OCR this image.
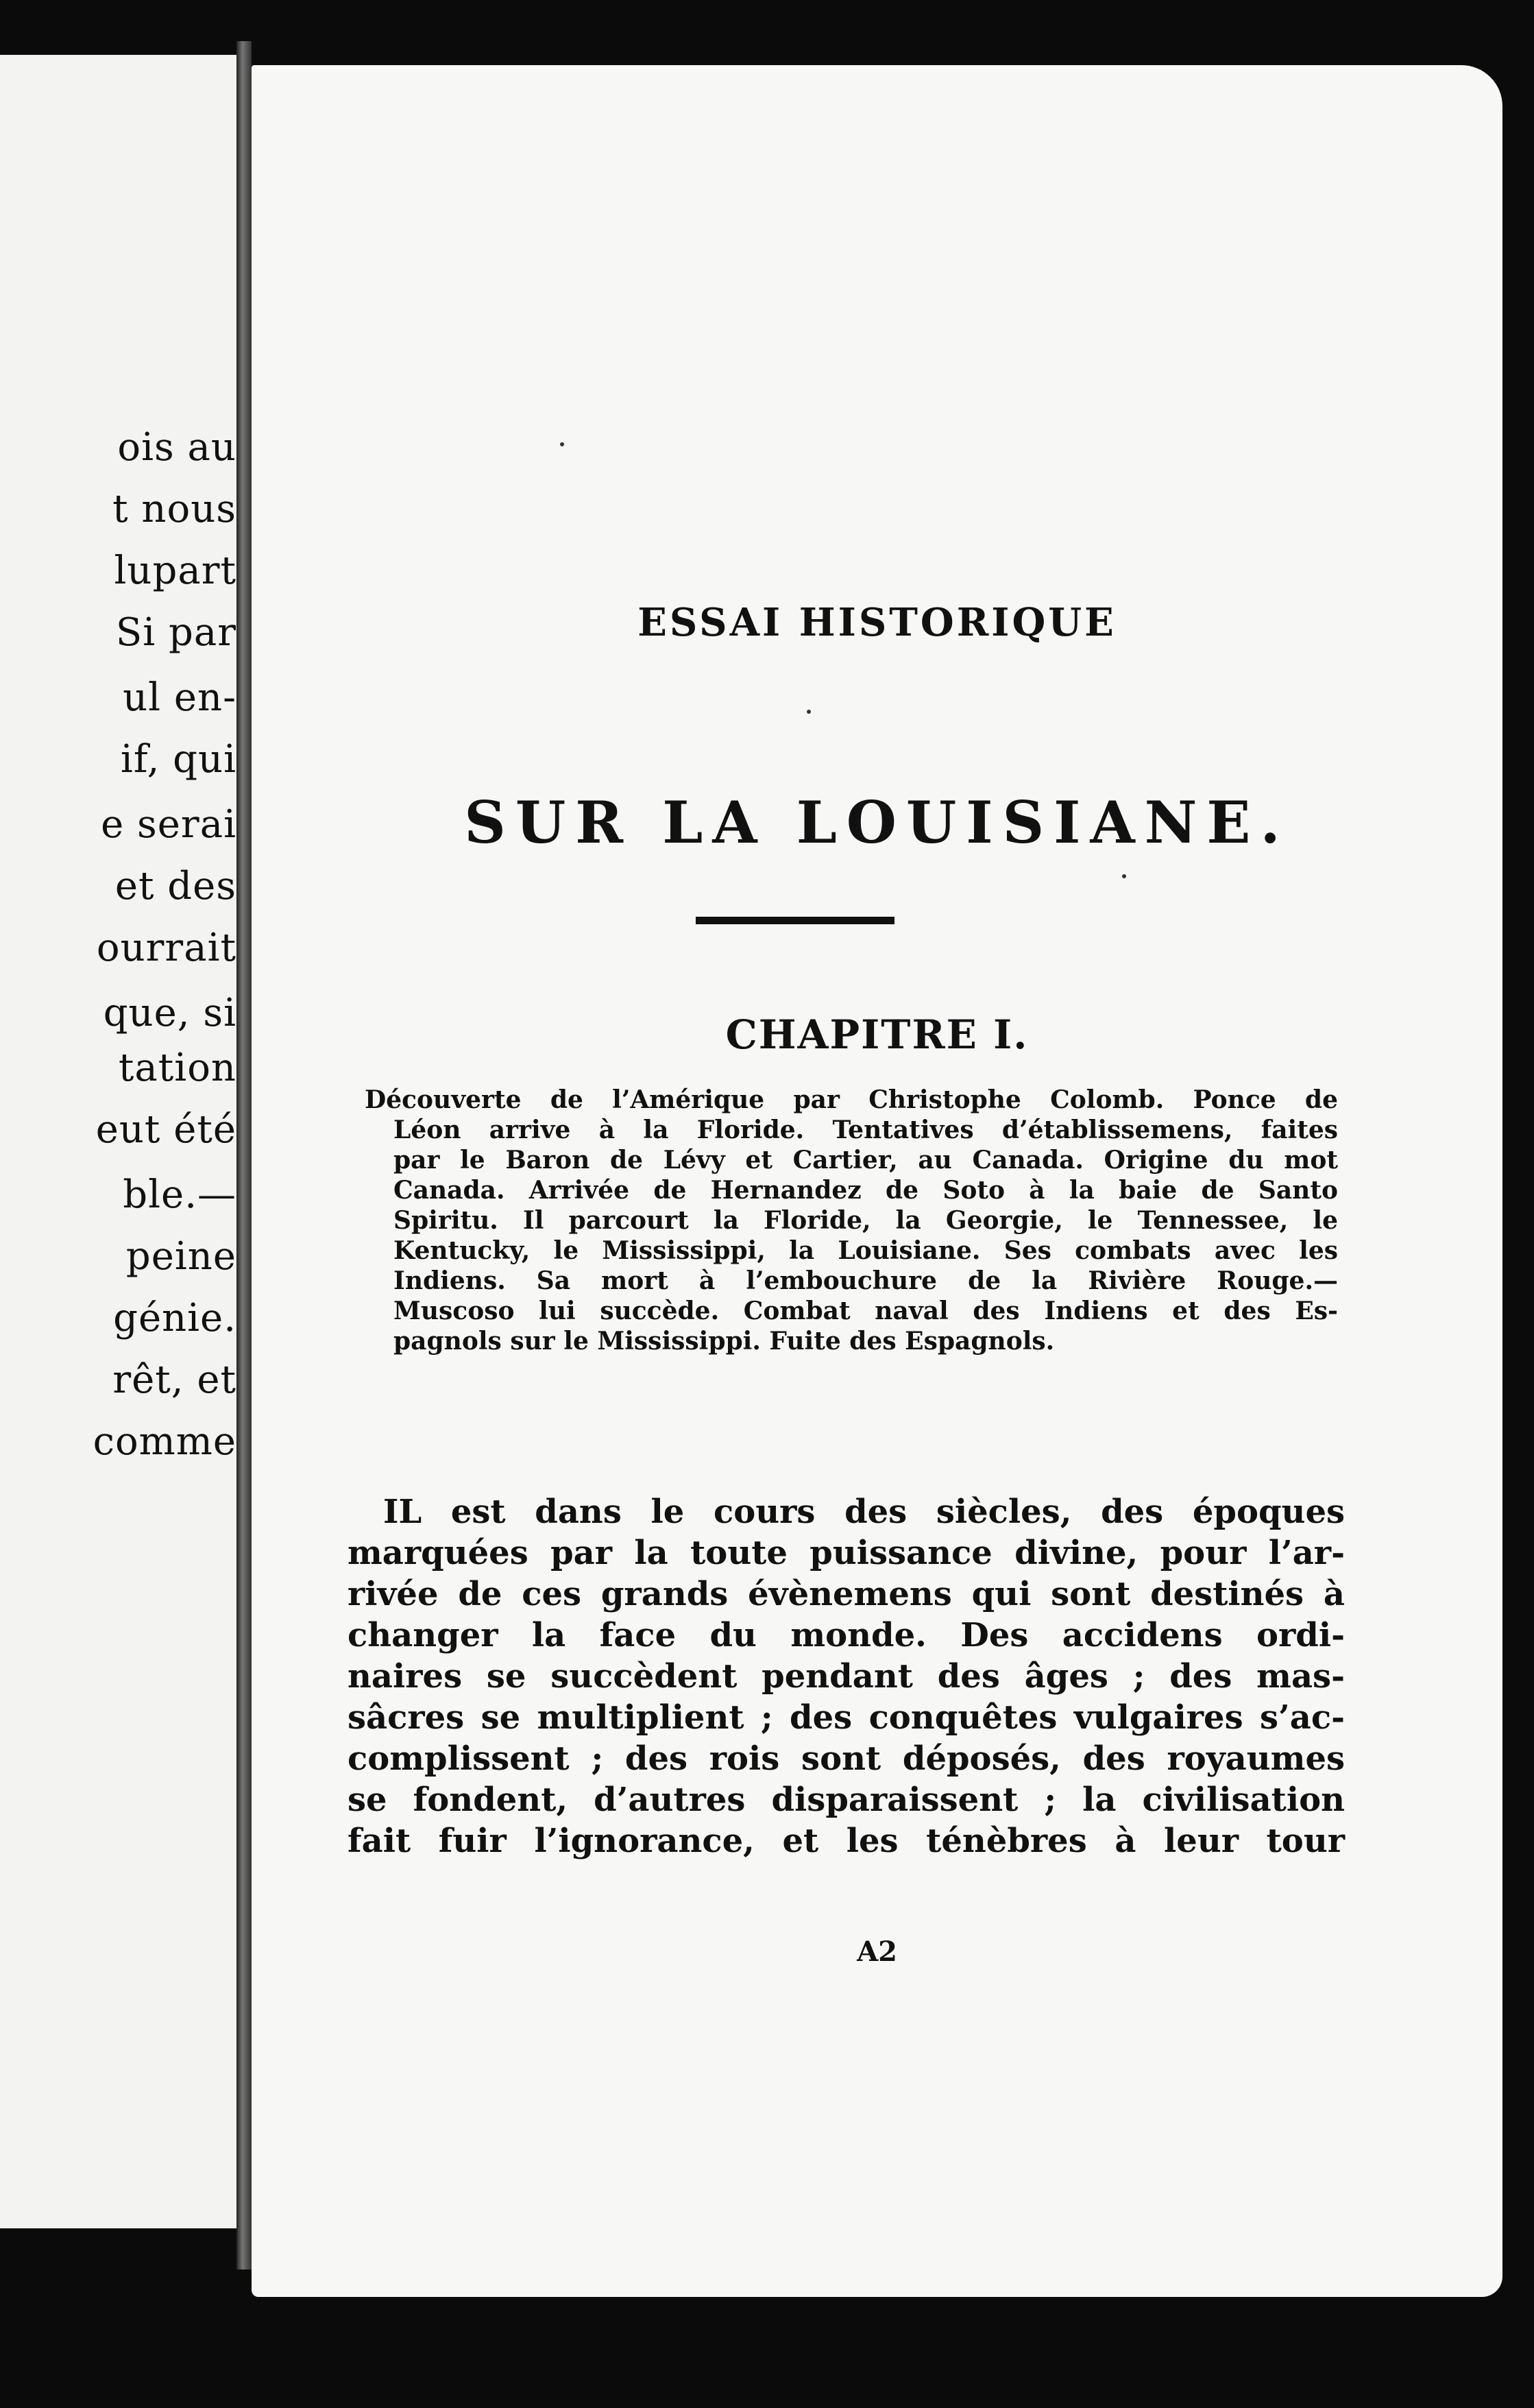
ois au
t nous
lupart
Si par
ul en-
if, qui
e serai
et des
ourrait
que, si
tation
eut été
ble.—
peine
génie.
rêt, et
comme
ESSAI HISTORIQUE
SUR LA LOUISIANE.
CHAPITRE I.
Découverte de l’Amérique par Christophe Colomb. Ponce de
Léon arrive à la Floride. Tentatives d’établissemens, faites
par le Baron de Lévy et Cartier, au Canada. Origine du mot
Canada. Arrivée de Hernandez de Soto à la baie de Santo
Spiritu. Il parcourt la Floride, la Georgie, le Tennessee, le
Kentucky, le Mississippi, la Louisiane. Ses combats avec les
Indiens. Sa mort à l’embouchure de la Rivière Rouge.—
Muscoso lui succède. Combat naval des Indiens et des Es-
pagnols sur le Mississippi. Fuite des Espagnols.
IL est dans le cours des siècles, des époques
marquées par la toute puissance divine, pour l’ar-
rivée de ces grands évènemens qui sont destinés à
changer la face du monde. Des accidens ordi-
naires se succèdent pendant des âges ; des mas-
sâcres se multiplient ; des conquêtes vulgaires s’ac-
complissent ; des rois sont déposés, des royaumes
se fondent, d’autres disparaissent ; la civilisation
fait fuir l’ignorance, et les ténèbres à leur tour
A2
